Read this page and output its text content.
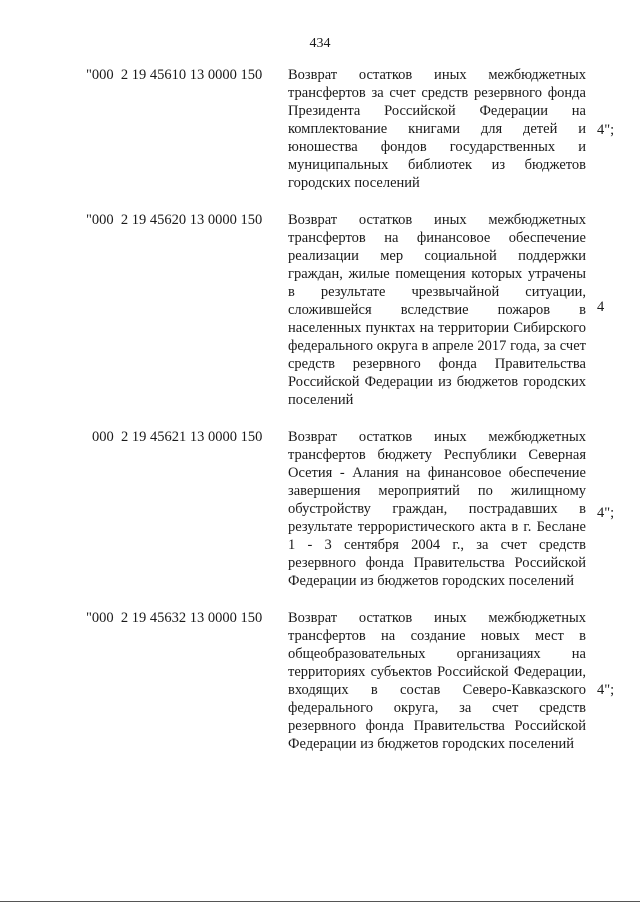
434
"000 2 19 45610 13 0000 150 Возврат остатков иных межбюджетных трансфертов за счет средств резервного фонда Президента Российской Федерации на комплектование книгами для детей и юношества фондов государственных и муниципальных библиотек из бюджетов городских поселений
4";
"000 2 19 45620 13 0000 150 Возврат остатков иных межбюджетных трансфертов на финансовое обеспечение реализации мер социальной поддержки граждан, жилые помещения которых утрачены в результате чрезвычайной ситуации, сложившейся вследствие пожаров в населенных пунктах на территории Сибирского федерального округа в апреле 2017 года, за счет средств резервного фонда Правительства Российской Федерации из бюджетов городских поселений
4
000 2 19 45621 13 0000 150 Возврат остатков иных межбюджетных трансфертов бюджету Республики Северная Осетия - Алания на финансовое обеспечение завершения мероприятий по жилищному обустройству граждан, пострадавших в результате террористического акта в г. Беслане 1 - 3 сентября 2004 г., за счет средств резервного фонда Правительства Российской Федерации из бюджетов городских поселений
4";
"000 2 19 45632 13 0000 150 Возврат остатков иных межбюджетных трансфертов на создание новых мест в общеобразовательных организациях на территориях субъектов Российской Федерации, входящих в состав Северо-Кавказского федерального округа, за счет средств резервного фонда Правительства Российской Федерации из бюджетов городских поселений
4";
